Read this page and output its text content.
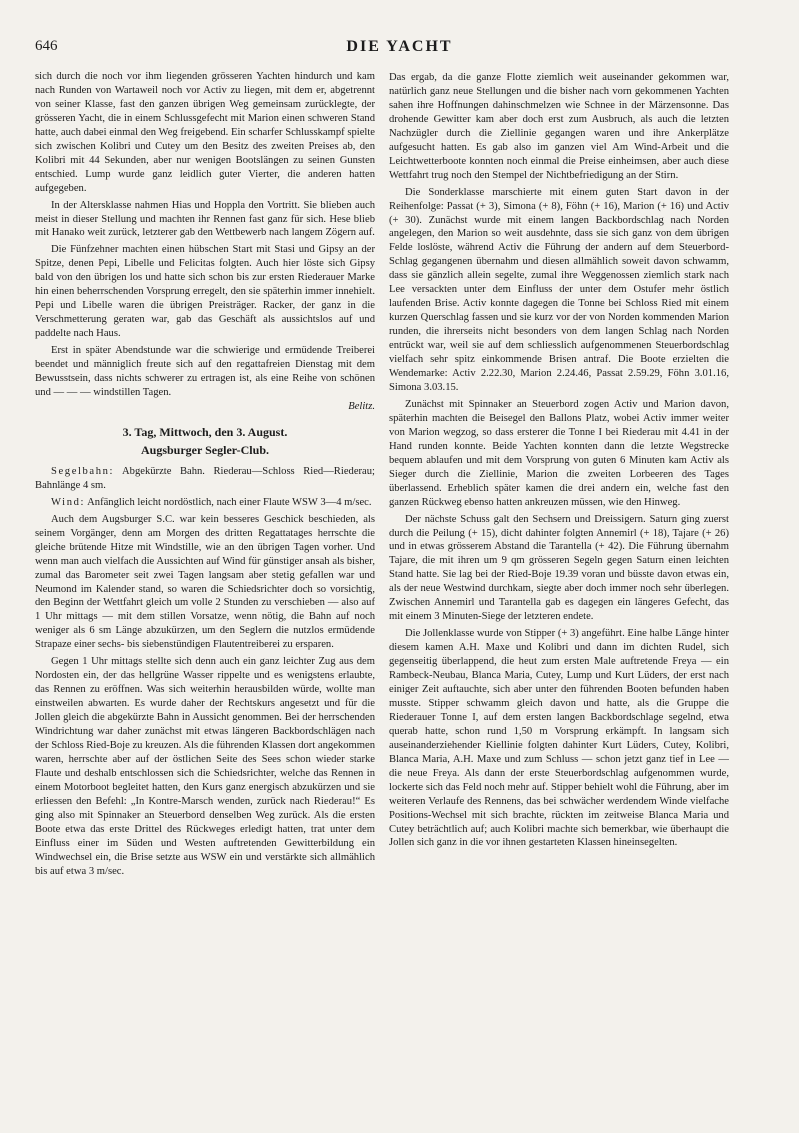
646	DIE YACHT

sich durch die noch vor ihm liegenden grösseren Yachten hindurch und kam nach Runden von Wartaweil noch vor Activ zu liegen, mit dem er, abgetrennt von seiner Klasse, fast den ganzen übrigen Weg gemeinsam zurücklegte, der grösseren Yacht, die in einem Schlussgefecht mit Marion einen schweren Stand hatte, auch dabei einmal den Weg freigebend. Ein scharfer Schlusskampf spielte sich zwischen Kolibri und Cutey um den Besitz des zweiten Preises ab, den Kolibri mit 44 Sekunden, aber nur wenigen Bootslängen zu seinen Gunsten entschied. Lump wurde ganz leidlich guter Vierter, die anderen hatten aufgegeben.

In der Altersklasse nahmen Hias und Hoppla den Vortritt. Sie blieben auch meist in dieser Stellung und machten ihr Rennen fast ganz für sich. Hese blieb mit Hanako weit zurück, letzterer gab den Wettbewerb nach langem Zögern auf.

Die Fünfzehner machten einen hübschen Start mit Stasi und Gipsy an der Spitze, denen Pepi, Libelle und Felicitas folgten. Auch hier löste sich Gipsy bald von den übrigen los und hatte sich schon bis zur ersten Riederauer Marke hin einen beherrschenden Vorsprung erregelt, den sie späterhin immer innehielt. Pepi und Libelle waren die übrigen Preisträger. Racker, der ganz in die Verschmetterung geraten war, gab das Geschäft als aussichtslos auf und paddelte nach Haus.

Erst in später Abendstunde war die schwierige und ermüdende Treiberei beendet und männiglich freute sich auf den regattafreien Dienstag mit dem Bewusstsein, dass nichts schwerer zu ertragen ist, als eine Reihe von schönen und — — — windstillen Tagen.

Belitz.

3. Tag, Mittwoch, den 3. August.
Augsburger Segler-Club.

Segelbahn: Abgekürzte Bahn. Riederau—Schloss Ried—Riederau; Bahnlänge 4 sm.

Wind: Anfänglich leicht nordöstlich, nach einer Flaute WSW 3—4 m/sec.

Auch dem Augsburger S.C. war kein besseres Geschick beschieden, als seinem Vorgänger, denn am Morgen des dritten Regattatages herrschte die gleiche brütende Hitze mit Windstille, wie an den übrigen Tagen vorher. Und wenn man auch vielfach die Aussichten auf Wind für günstiger ansah als bisher, zumal das Barometer seit zwei Tagen langsam aber stetig gefallen war und Neumond im Kalender stand, so waren die Schiedsrichter doch so vorsichtig, den Beginn der Wettfahrt gleich um volle 2 Stunden zu verschieben — also auf 1 Uhr mittags — mit dem stillen Vorsatze, wenn nötig, die Bahn auf noch weniger als 6 sm Länge abzukürzen, um den Seglern die nutzlos ermüdende Strapaze einer sechs- bis siebenstündigen Flautentreiberei zu ersparen.

Gegen 1 Uhr mittags stellte sich denn auch ein ganz leichter Zug aus dem Nordosten ein, der das hellgrüne Wasser rippelte und es wenigstens erlaubte, das Rennen zu eröffnen. Was sich weiterhin herausbilden würde, wollte man einstweilen abwarten. Es wurde daher der Rechtskurs angesetzt und für die Jollen gleich die abgekürzte Bahn in Aussicht genommen. Bei der herrschenden Windrichtung war daher zunächst mit etwas längeren Backbordschlägen nach der Schloss Ried-Boje zu kreuzen. Als die führenden Klassen dort angekommen waren, herrschte aber auf der östlichen Seite des Sees schon wieder starke Flaute und deshalb entschlossen sich die Schiedsrichter, welche das Rennen in einem Motorboot begleitet hatten, den Kurs ganz energisch abzukürzen und sie erliessen den Befehl: „In Kontre-Marsch wenden, zurück nach Riederau!“ Es ging also mit Spinnaker an Steuerbord denselben Weg zurück. Als die ersten Boote etwa das erste Drittel des Rückweges erledigt hatten, trat unter dem Einfluss einer im Süden und Westen auftretenden Gewitterbildung ein Windwechsel ein, die Brise setzte aus WSW ein und verstärkte sich allmählich bis auf etwa 3 m/sec.

Das ergab, da die ganze Flotte ziemlich weit auseinander gekommen war, natürlich ganz neue Stellungen und die bisher nach vorn gekommenen Yachten sahen ihre Hoffnungen dahinschmelzen wie Schnee in der Märzensonne. Das drohende Gewitter kam aber doch erst zum Ausbruch, als auch die letzten Nachzügler durch die Ziellinie gegangen waren und ihre Ankerplätze aufgesucht hatten. Es gab also im ganzen viel Am Wind-Arbeit und die Leichtwetterboote konnten noch einmal die Preise einheimsen, aber auch diese Wettfahrt trug noch den Stempel der Nichtbefriedigung an der Stirn.

Die Sonderklasse marschierte mit einem guten Start davon in der Reihenfolge: Passat (+ 3), Simona (+ 8), Föhn (+ 16), Marion (+ 16) und Activ (+ 30). Zunächst wurde mit einem langen Backbordschlag nach Norden angelegen, den Marion so weit ausdehnte, dass sie sich ganz von dem übrigen Felde loslöste, während Activ die Führung der andern auf dem Steuerbord-Schlag gegangenen übernahm und diesen allmählich soweit davon schwamm, dass sie gänzlich allein segelte, zumal ihre Weggenossen ziemlich stark nach Lee versackten unter dem Einfluss der unter dem Ostufer mehr östlich laufenden Brise. Activ konnte dagegen die Tonne bei Schloss Ried mit einem kurzen Querschlag fassen und sie kurz vor der von Norden kommenden Marion runden, die ihrerseits nicht besonders von dem langen Schlag nach Norden entrückt war, weil sie auf dem schliesslich aufgenommenen Steuerbordschlag vielfach sehr spitz einkommende Brisen antraf. Die Boote erzielten die Wendemarke: Activ 2.22.30, Marion 2.24.46, Passat 2.59.29, Föhn 3.01.16, Simona 3.03.15.

Zunächst mit Spinnaker an Steuerbord zogen Activ und Marion davon, späterhin machten die Beisegel den Ballons Platz, wobei Activ immer weiter von Marion wegzog, so dass ersterer die Tonne I bei Riederau mit 4.41 in der Hand runden konnte. Beide Yachten konnten dann die letzte Wegstrecke bequem ablaufen und mit dem Vorsprung von guten 6 Minuten kam Activ als Sieger durch die Ziellinie, Marion die zweiten Lorbeeren des Tages überlassend. Erheblich später kamen die drei andern ein, welche fast den ganzen Rückweg ebenso hatten ankreuzen müssen, wie den Hinweg.

Der nächste Schuss galt den Sechsern und Dreissigern. Saturn ging zuerst durch die Peilung (+ 15), dicht dahinter folgten Annemirl (+ 18), Tajare (+ 26) und in etwas grösserem Abstand die Tarantella (+ 42). Die Führung übernahm Tajare, die mit ihren um 9 qm grösseren Segeln gegen Saturn einen leichten Stand hatte. Sie lag bei der Ried-Boje 19.39 voran und büsste davon etwas ein, als der neue Westwind durchkam, siegte aber doch immer noch sehr überlegen. Zwischen Annemirl und Tarantella gab es dagegen ein längeres Gefecht, das mit einem 3 Minuten-Siege der letzteren endete.

Die Jollenklasse wurde von Stipper (+ 3) angeführt. Eine halbe Länge hinter diesem kamen A.H. Maxe und Kolibri und dann im dichten Rudel, sich gegenseitig überlappend, die heut zum ersten Male auftretende Freya — ein Rambeck-Neubau, Blanca Maria, Cutey, Lump und Kurt Lüders, der erst nach einiger Zeit auftauchte, sich aber unter den führenden Booten befunden haben musste. Stipper schwamm gleich davon und hatte, als die Gruppe die Riederauer Tonne I, auf dem ersten langen Backbordschlage segelnd, etwa querab hatte, schon rund 1,50 m Vorsprung erkämpft. In langsam sich auseinanderziehender Kiellinie folgten dahinter Kurt Lüders, Cutey, Kolibri, Blanca Maria, A.H. Maxe und zum Schluss — schon jetzt ganz tief in Lee — die neue Freya. Als dann der erste Steuerbordschlag aufgenommen wurde, lockerte sich das Feld noch mehr auf. Stipper behielt wohl die Führung, aber im weiteren Verlaufe des Rennens, das bei schwächer werdendem Winde vielfache Positions-Wechsel mit sich brachte, rückten im zeitweise Blanca Maria und Cutey beträchtlich auf; auch Kolibri machte sich bemerkbar, wie überhaupt die Jollen sich ganz in die vor ihnen gestarteten Klassen hineinsegelten.
